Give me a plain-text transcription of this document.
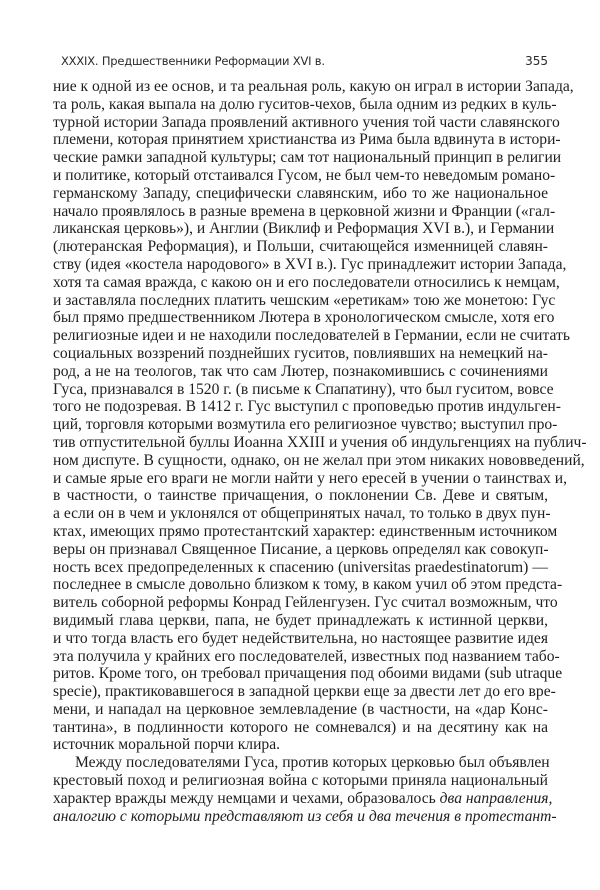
XXXIX. Предшественники Реформации XVI в.	355
ние к одной из ее основ, и та реальная роль, какую он играл в истории Запада,
та роль, какая выпала на долю гуситов-чехов, была одним из редких в куль-
турной истории Запада проявлений активного учения той части славянского
племени, которая принятием христианства из Рима была вдвинута в истори-
ческие рамки западной культуры; сам тот национальный принцип в религии
и политике, который отстаивался Гусом, не был чем-то неведомым романо-
германскому Западу, специфически славянским, ибо то же национальное
начало проявлялось в разные времена в церковной жизни и Франции («гал-
ликанская церковь»), и Англии (Виклиф и Реформация XVI в.), и Германии
(лютеранская Реформация), и Польши, считающейся изменницей славян-
ству (идея «костела народового» в XVI в.). Гус принадлежит истории Запада,
хотя та самая вражда, с какою он и его последователи относились к немцам,
и заставляла последних платить чешским «еретикам» тою же монетою: Гус
был прямо предшественником Лютера в хронологическом смысле, хотя его
религиозные идеи и не находили последователей в Германии, если не считать
социальных воззрений позднейших гуситов, повлиявших на немецкий на-
род, а не на теологов, так что сам Лютер, познакомившись с сочинениями
Гуса, признавался в 1520 г. (в письме к Спапатину), что был гуситом, вовсе
того не подозревая. В 1412 г. Гус выступил с проповедью против индульген-
ций, торговля которыми возмутила его религиозное чувство; выступил про-
тив отпустительной буллы Иоанна XXIII и учения об индульгенциях на публич-
ном диспуте. В сущности, однако, он не желал при этом никаких нововведений,
и самые ярые его враги не могли найти у него ересей в учении о таинствах и,
в частности, о таинстве причащения, о поклонении Св. Деве и святым,
а если он в чем и уклонялся от общепринятых начал, то только в двух пун-
ктах, имеющих прямо протестантский характер: единственным источником
веры он признавал Священное Писание, а церковь определял как совокуп-
ность всех предопределенных к спасению (universitas praedestinatorum) —
последнее в смысле довольно близком к тому, в каком учил об этом предста-
витель соборной реформы Конрад Гейленгузен. Гус считал возможным, что
видимый глава церкви, папа, не будет принадлежать к истинной церкви,
и что тогда власть его будет недействительна, но настоящее развитие идея
эта получила у крайних его последователей, известных под названием табо-
ритов. Кроме того, он требовал причащения под обоими видами (sub utraque
specie), практиковавшегося в западной церкви еще за двести лет до его вре-
мени, и нападал на церковное землевладение (в частности, на «дар Конс-
тантина», в подлинности которого не сомневался) и на десятину как на
источник моральной порчи клира.
Между последователями Гуса, против которых церковью был объявлен
крестовый поход и религиозная война с которыми приняла национальный
характер вражды между немцами и чехами, образовалось два направления,
аналогию с которыми представляют из себя и два течения в протестант-
